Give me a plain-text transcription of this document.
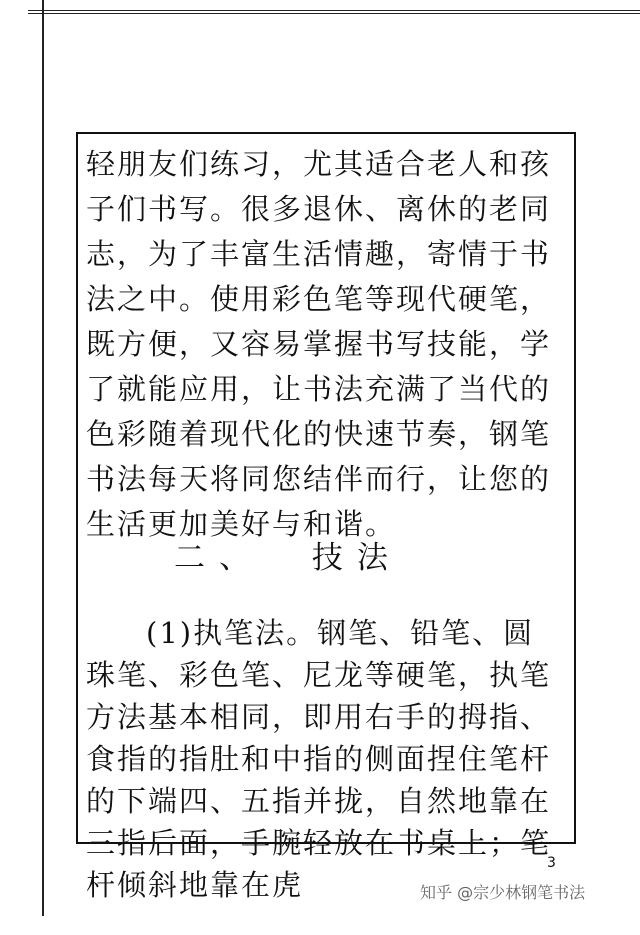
轻朋友们练习，尤其适合老人和孩子们书写。很多退休、离休的老同志，为了丰富生活情趣，寄情于书法之中。使用彩色笔等现代硬笔，既方便，又容易掌握书写技能，学了就能应用，让书法充满了当代的色彩随着现代化的快速节奏，钢笔书法每天将同您结伴而行，让您的生活更加美好与和谐。

二、 技法

(1)执笔法。钢笔、铅笔、圆珠笔、彩色笔、尼龙等硬笔，执笔方法基本相同，即用右手的拇指、食指的指肚和中指的侧面捏住笔杆的下端四、五指并拢，自然地靠在三指后面，手腕轻放在书桌上；笔杆倾斜地靠在虎

3
知乎 @宗少林钢笔书法
